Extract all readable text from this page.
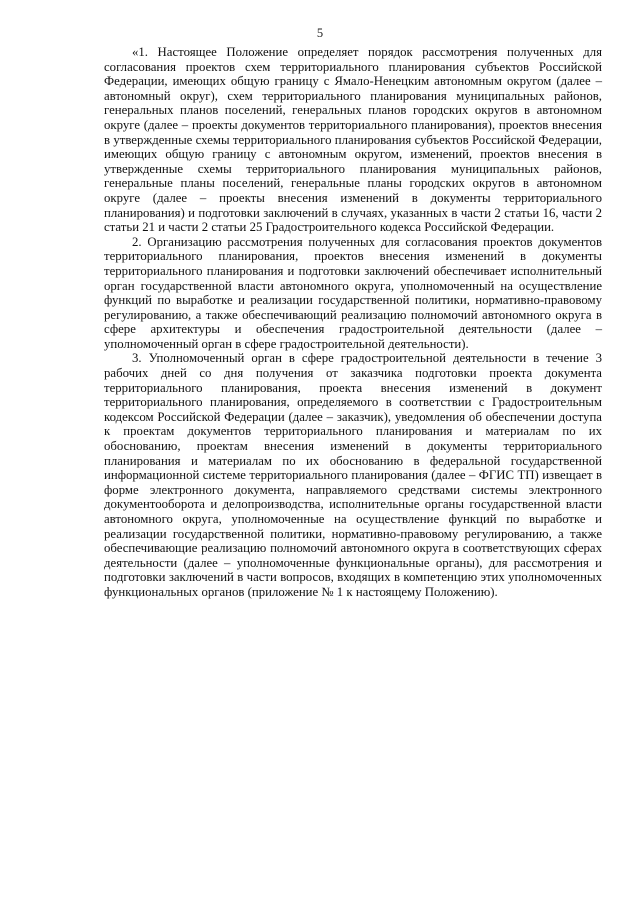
5

«1. Настоящее Положение определяет порядок рассмотрения полученных для согласования проектов схем территориального планирования субъектов Российской Федерации, имеющих общую границу с Ямало-Ненецким автономным округом (далее – автономный округ), схем территориального планирования муниципальных районов, генеральных планов поселений, генеральных планов городских округов в автономном округе (далее – проекты документов территориального планирования), проектов внесения в утвержденные схемы территориального планирования субъектов Российской Федерации, имеющих общую границу с автономным округом, изменений, проектов внесения в утвержденные схемы территориального планирования муниципальных районов, генеральные планы поселений, генеральные планы городских округов в автономном округе (далее – проекты внесения изменений в документы территориального планирования) и подготовки заключений в случаях, указанных в части 2 статьи 16, части 2 статьи 21 и части 2 статьи 25 Градостроительного кодекса Российской Федерации.

2. Организацию рассмотрения полученных для согласования проектов документов территориального планирования, проектов внесения изменений в документы территориального планирования и подготовки заключений обеспечивает исполнительный орган государственной власти автономного округа, уполномоченный на осуществление функций по выработке и реализации государственной политики, нормативно-правовому регулированию, а также обеспечивающий реализацию полномочий автономного округа в сфере архитектуры и обеспечения градостроительной деятельности (далее – уполномоченный орган в сфере градостроительной деятельности).

3. Уполномоченный орган в сфере градостроительной деятельности в течение 3 рабочих дней со дня получения от заказчика подготовки проекта документа территориального планирования, проекта внесения изменений в документ территориального планирования, определяемого в соответствии с Градостроительным кодексом Российской Федерации (далее – заказчик), уведомления об обеспечении доступа к проектам документов территориального планирования и материалам по их обоснованию, проектам внесения изменений в документы территориального планирования и материалам по их обоснованию в федеральной государственной информационной системе территориального планирования (далее – ФГИС ТП) извещает в форме электронного документа, направляемого средствами системы электронного документооборота и делопроизводства, исполнительные органы государственной власти автономного округа, уполномоченные на осуществление функций по выработке и реализации государственной политики, нормативно-правовому регулированию, а также обеспечивающие реализацию полномочий автономного округа в соответствующих сферах деятельности (далее – уполномоченные функциональные органы), для рассмотрения и подготовки заключений в части вопросов, входящих в компетенцию этих уполномоченных функциональных органов (приложение № 1 к настоящему Положению).
